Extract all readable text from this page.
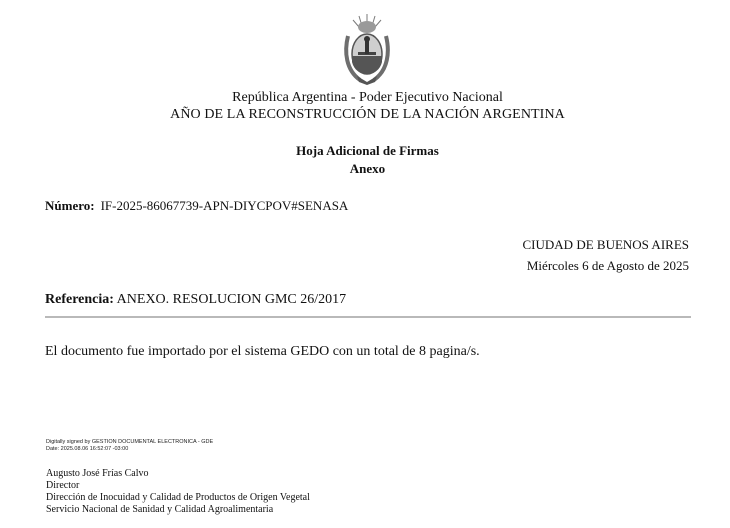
República Argentina - Poder Ejecutivo Nacional
AÑO DE LA RECONSTRUCCIÓN DE LA NACIÓN ARGENTINA
Hoja Adicional de Firmas
Anexo
Número: IF-2025-86067739-APN-DIYCPOV#SENASA
CIUDAD DE BUENOS AIRES
Miércoles 6 de Agosto de 2025
Referencia: ANEXO. RESOLUCION GMC 26/2017
El documento fue importado por el sistema GEDO con un total de 8 pagina/s.
Digitally signed by GESTION DOCUMENTAL ELECTRONICA - GDE
Date: 2025.08.06 16:52:07 -03:00
Augusto José Frías Calvo
Director
Dirección de Inocuidad y Calidad de Productos de Origen Vegetal
Servicio Nacional de Sanidad y Calidad Agroalimentaria
